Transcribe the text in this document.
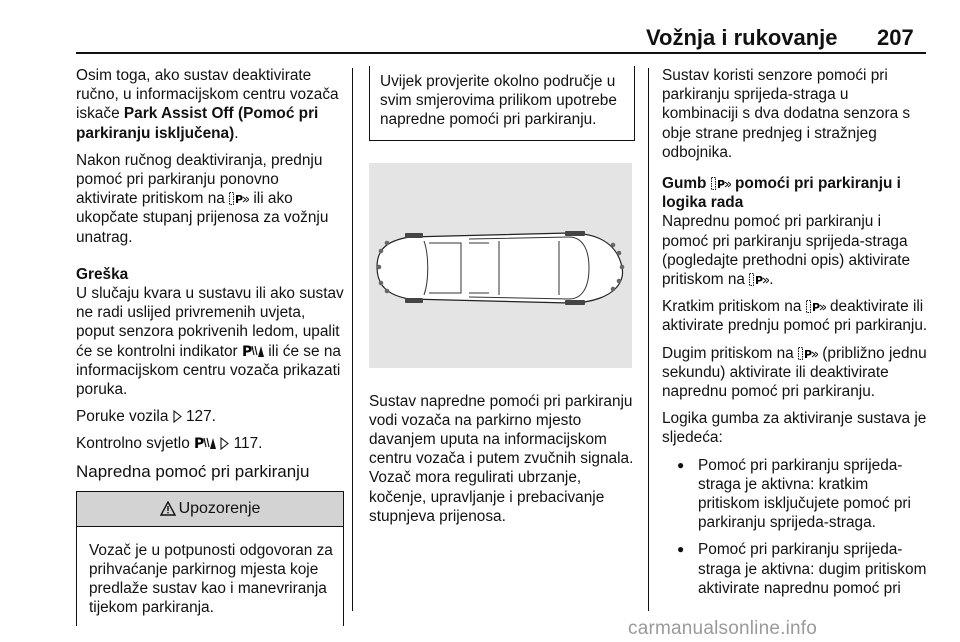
Vožnja i rukovanje 207

Osim toga, ako sustav deaktivirate ručno, u informacijskom centru vozača iskače Park Assist Off (Pomoć pri parkiranju isključena).

Nakon ručnog deaktiviranja, prednju pomoć pri parkiranju ponovno aktivirate pritiskom na P ili ako ukopčate stupanj prijenosa za vožnju unatrag.

Greška

U slučaju kvara u sustavu ili ako sustav ne radi uslijed privremenih uvjeta, poput senzora pokrivenih ledom, upalit će se kontrolni indikator P ili će se na informacijskom centru vozača prikazati poruka.

Poruke vozila  127.

Kontrolno svjetlo P 117.

Napredna pomoć pri parkiranju
Upozorenje
Vozač je u potpunosti odgovoran za prihvaćanje parkirnog mjesta koje predlaže sustav kao i manevriranja tijekom parkiranja.
Uvijek provjerite okolno područje u svim smjerovima prilikom upotrebe napredne pomoći pri parkiranju.

Sustav napredne pomoći pri parkiranju vodi vozača na parkirno mjesto davanjem uputa na informacijskom centru vozača i putem zvučnih signala. Vozač mora regulirati ubrzanje, kočenje, upravljanje i prebacivanje stupnjeva prijenosa.

Sustav koristi senzore pomoći pri parkiranju sprijeda-straga u kombinaciji s dva dodatna senzora s obje strane prednjeg i stražnjeg odbojnika.

Gumb P pomoći pri parkiranju i logika rada

Naprednu pomoć pri parkiranju i pomoć pri parkiranju sprijeda-straga (pogledajte prethodni opis) aktivirate pritiskom na P .

Kratkim pritiskom na P deaktivirate ili aktivirate prednju pomoć pri parkiranju.

Dugim pritiskom na P (približno jednu sekundu) aktivirate ili deaktivirate naprednu pomoć pri parkiranju.

Logika gumba za aktiviranje sustava je sljedeća:

● Pomoć pri parkiranju sprijeda-straga je aktivna: kratkim pritiskom isključujete pomoć pri parkiranju sprijeda-straga.
● Pomoć pri parkiranju sprijeda-straga je aktivna: dugim pritiskom aktivirate naprednu pomoć pri
carmanualsonline.info
